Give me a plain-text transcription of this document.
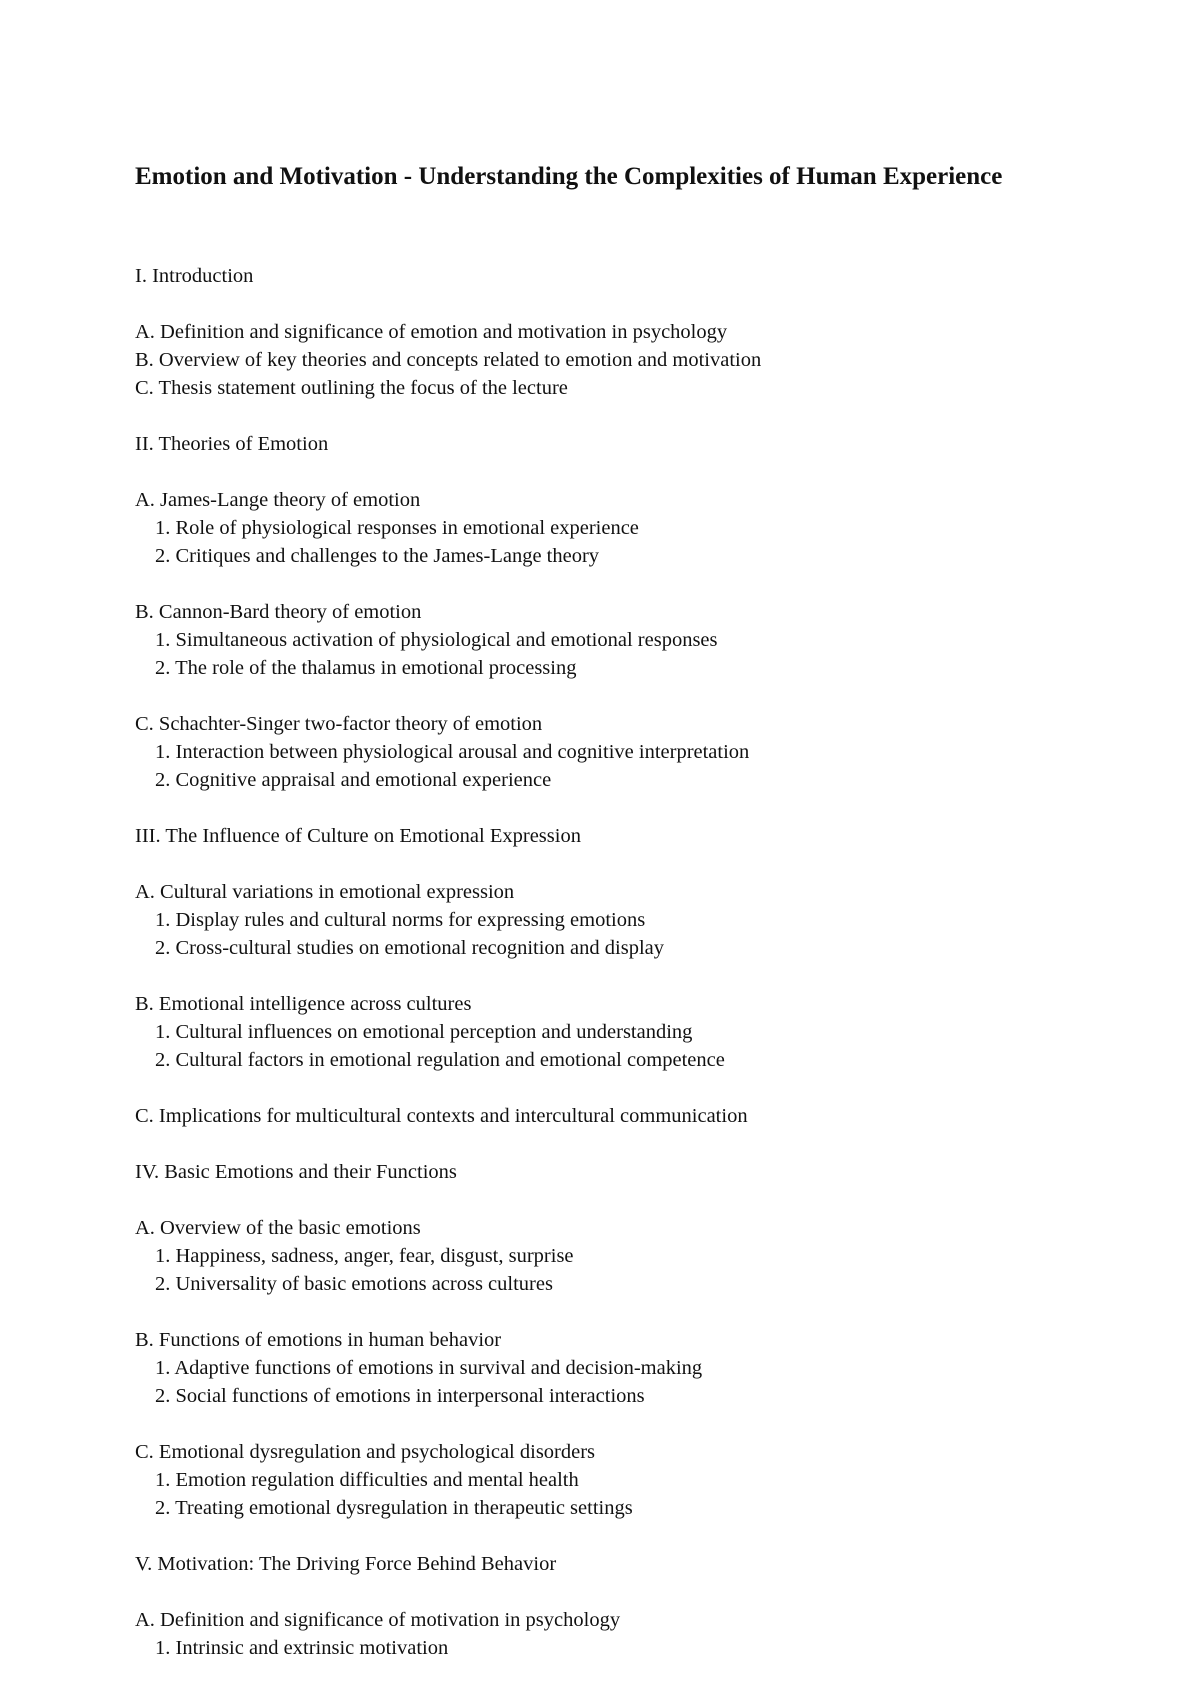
Emotion and Motivation - Understanding the Complexities of Human Experience
I. Introduction
A. Definition and significance of emotion and motivation in psychology
B. Overview of key theories and concepts related to emotion and motivation
C. Thesis statement outlining the focus of the lecture
II. Theories of Emotion
A. James-Lange theory of emotion
1. Role of physiological responses in emotional experience
2. Critiques and challenges to the James-Lange theory
B. Cannon-Bard theory of emotion
1. Simultaneous activation of physiological and emotional responses
2. The role of the thalamus in emotional processing
C. Schachter-Singer two-factor theory of emotion
1. Interaction between physiological arousal and cognitive interpretation
2. Cognitive appraisal and emotional experience
III. The Influence of Culture on Emotional Expression
A. Cultural variations in emotional expression
1. Display rules and cultural norms for expressing emotions
2. Cross-cultural studies on emotional recognition and display
B. Emotional intelligence across cultures
1. Cultural influences on emotional perception and understanding
2. Cultural factors in emotional regulation and emotional competence
C. Implications for multicultural contexts and intercultural communication
IV. Basic Emotions and their Functions
A. Overview of the basic emotions
1. Happiness, sadness, anger, fear, disgust, surprise
2. Universality of basic emotions across cultures
B. Functions of emotions in human behavior
1. Adaptive functions of emotions in survival and decision-making
2. Social functions of emotions in interpersonal interactions
C. Emotional dysregulation and psychological disorders
1. Emotion regulation difficulties and mental health
2. Treating emotional dysregulation in therapeutic settings
V. Motivation: The Driving Force Behind Behavior
A. Definition and significance of motivation in psychology
1. Intrinsic and extrinsic motivation
